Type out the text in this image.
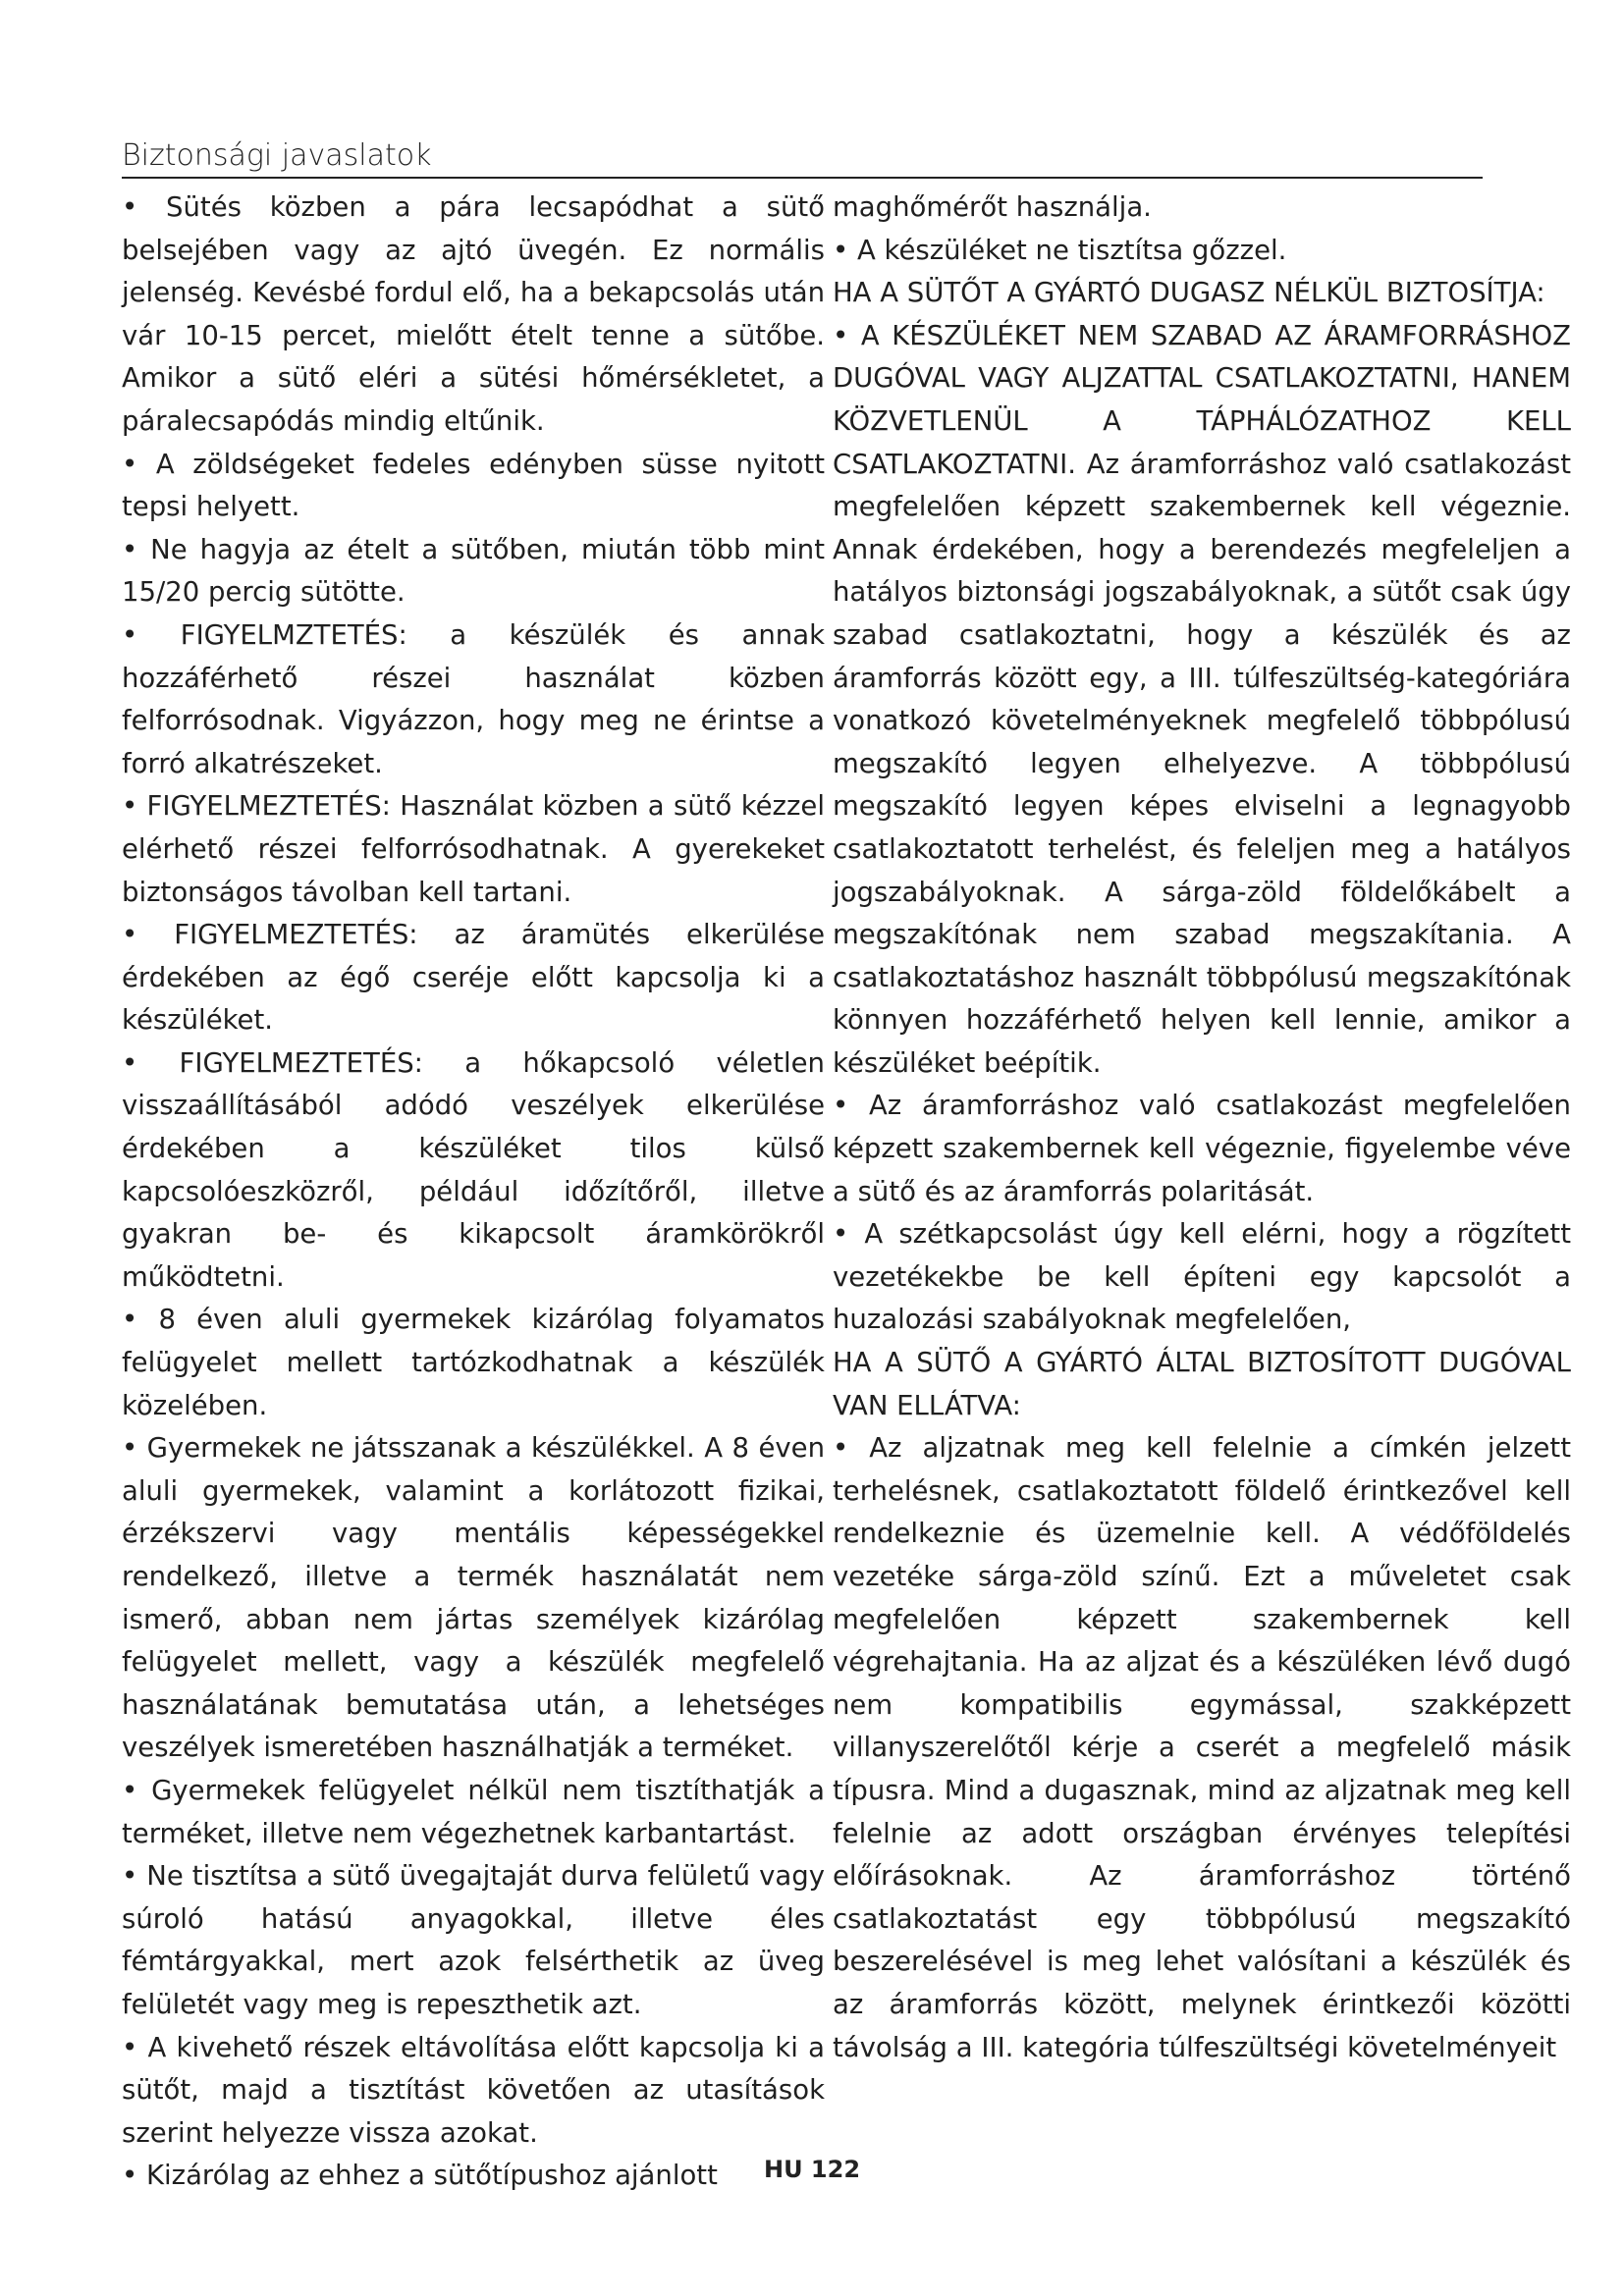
Biztonsági javaslatok

• Sütés közben a pára lecsapódhat a sütő belsejében vagy az ajtó üvegén. Ez normális jelenség. Kevésbé fordul elő, ha a bekapcsolás után vár 10-15 percet, mielőtt ételt tenne a sütőbe. Amikor a sütő eléri a sütési hőmérsékletet, a páralecsapódás mindig eltűnik.

• A zöldségeket fedeles edényben süsse nyitott tepsi helyett.

• Ne hagyja az ételt a sütőben, miután több mint 15/20 percig sütötte.

• FIGYELMZTETÉS: a készülék és annak hozzáférhető részei használat közben felforrósodnak. Vigyázzon, hogy meg ne érintse a forró alkatrészeket.

• FIGYELMEZTETÉS: Használat közben a sütő kézzel elérhető részei felforrósodhatnak. A gyerekeket biztonságos távolban kell tartani.

• FIGYELMEZTETÉS: az áramütés elkerülése érdekében az égő cseréje előtt kapcsolja ki a készüléket.

• FIGYELMEZTETÉS: a hőkapcsoló véletlen visszaállításából adódó veszélyek elkerülése érdekében a készüléket tilos külső kapcsolóeszközről, például időzítőről, illetve gyakran be- és kikapcsolt áramkörökről működtetni.

• 8 éven aluli gyermekek kizárólag folyamatos felügyelet mellett tartózkodhatnak a készülék közelében.

• Gyermekek ne játsszanak a készülékkel. A 8 éven aluli gyermekek, valamint a korlátozott fizikai, érzékszervi vagy mentális képességekkel rendelkező, illetve a termék használatát nem ismerő, abban nem jártas személyek kizárólag felügyelet mellett, vagy a készülék megfelelő használatának bemutatása után, a lehetséges veszélyek ismeretében használhatják a terméket.

• Gyermekek felügyelet nélkül nem tisztíthatják a terméket, illetve nem végezhetnek karbantartást.

• Ne tisztítsa a sütő üvegajtaját durva felületű vagy súroló hatású anyagokkal, illetve éles fémtárgyakkal, mert azok felsérthetik az üveg felületét vagy meg is repeszthetik azt.

• A kivehető részek eltávolítása előtt kapcsolja ki a sütőt, majd a tisztítást követően az utasítások szerint helyezze vissza azokat.

• Kizárólag az ehhez a sütőtípushoz ajánlott

maghőmérőt használja.

• A készüléket ne tisztítsa gőzzel.

HA A SÜTŐT A GYÁRTÓ DUGASZ NÉLKÜL BIZTOSÍTJA:

• A KÉSZÜLÉKET NEM SZABAD AZ ÁRAMFORRÁSHOZ DUGÓVAL VAGY ALJZATTAL CSATLAKOZTATNI, HANEM KÖZVETLENÜL A TÁPHÁLÓZATHOZ KELL CSATLAKOZTATNI. Az áramforráshoz való csatlakozást megfelelően képzett szakembernek kell végeznie. Annak érdekében, hogy a berendezés megfeleljen a hatályos biztonsági jogszabályoknak, a sütőt csak úgy szabad csatlakoztatni, hogy a készülék és az áramforrás között egy, a III. túlfeszültség-kategóriára vonatkozó követelményeknek megfelelő többpólusú megszakító legyen elhelyezve. A többpólusú megszakító legyen képes elviselni a legnagyobb csatlakoztatott terhelést, és feleljen meg a hatályos jogszabályoknak. A sárga-zöld földelőkábelt a megszakítónak nem szabad megszakítania. A csatlakoztatáshoz használt többpólusú megszakítónak könnyen hozzáférhető helyen kell lennie, amikor a készüléket beépítik.

• Az áramforráshoz való csatlakozást megfelelően képzett szakembernek kell végeznie, figyelembe véve a sütő és az áramforrás polaritását.

• A szétkapcsolást úgy kell elérni, hogy a rögzített vezetékekbe be kell építeni egy kapcsolót a huzalozási szabályoknak megfelelően,

HA A SÜTŐ A GYÁRTÓ ÁLTAL BIZTOSÍTOTT DUGÓVAL VAN ELLÁTVA:

• Az aljzatnak meg kell felelnie a címkén jelzett terhelésnek, csatlakoztatott földelő érintkezővel kell rendelkeznie és üzemelnie kell. A védőföldelés vezetéke sárga-zöld színű. Ezt a műveletet csak megfelelően képzett szakembernek kell végrehajtania. Ha az aljzat és a készüléken lévő dugó nem kompatibilis egymással, szakképzett villanyszerelőtől kérje a cserét a megfelelő másik típusra. Mind a dugasznak, mind az aljzatnak meg kell felelnie az adott országban érvényes telepítési előírásoknak. Az áramforráshoz történő csatlakoztatást egy többpólusú megszakító beszerelésével is meg lehet valósítani a készülék és az áramforrás között, melynek érintkezői közötti távolság a III. kategória túlfeszültségi követelményeit

HU 122
